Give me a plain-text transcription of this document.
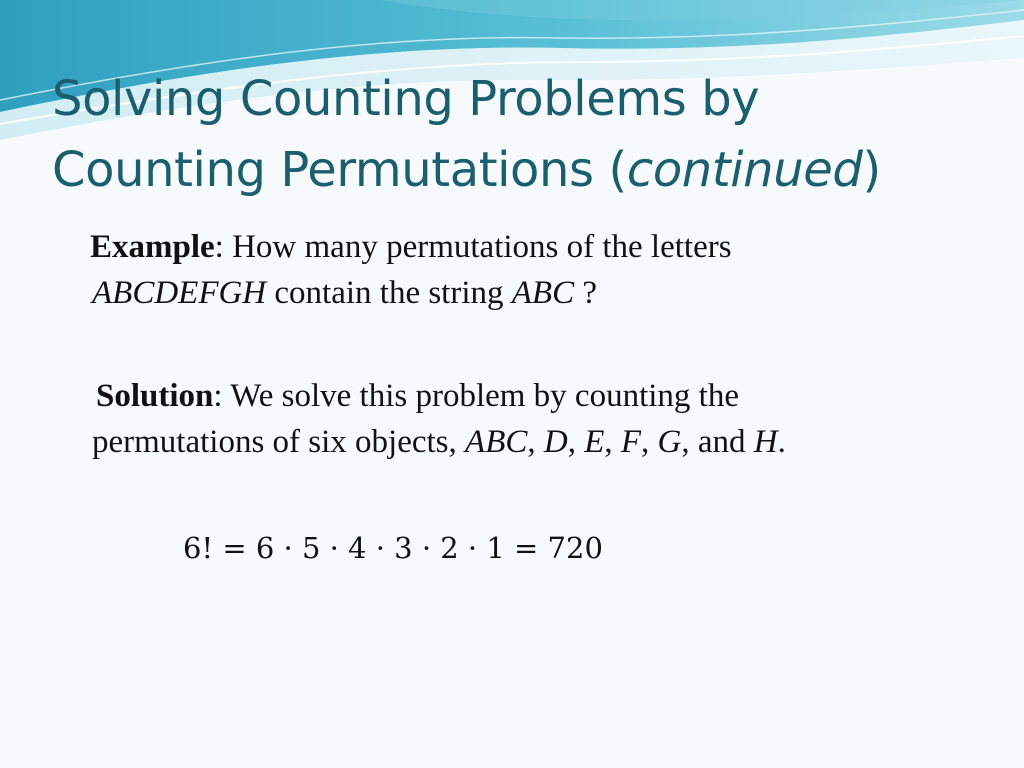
Solving Counting Problems by
Counting Permutations (continued)

Example: How many permutations of the letters
ABCDEFGH contain the string ABC ?

Solution: We solve this problem by counting the
permutations of six objects, ABC, D, E, F, G, and H.

6! = 6 · 5 · 4 · 3 · 2 · 1 = 720
